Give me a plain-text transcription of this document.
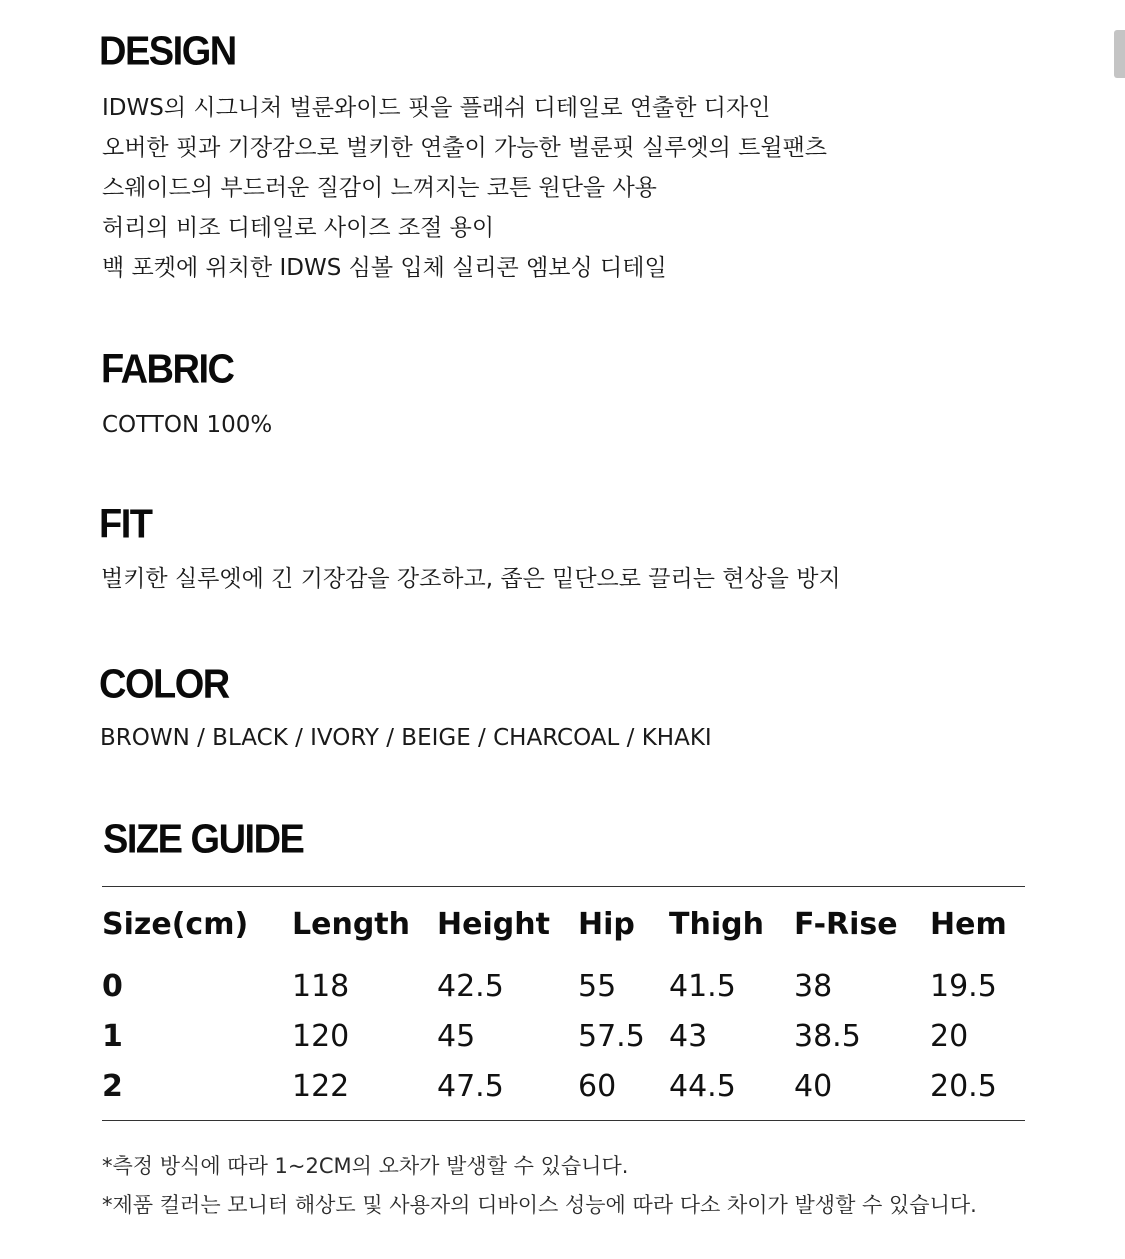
DESIGN
IDWS의 시그니처 벌룬와이드 핏을 플래쉬 디테일로 연출한 디자인
오버한 핏과 기장감으로 벌키한 연출이 가능한 벌룬핏 실루엣의 트윌팬츠
스웨이드의 부드러운 질감이 느껴지는 코튼 원단을 사용
허리의 비조 디테일로 사이즈 조절 용이
백 포켓에 위치한 IDWS 심볼 입체 실리콘 엠보싱 디테일
FABRIC

COTTON 100%

FIT

벌키한 실루엣에 긴 기장감을 강조하고, 좁은 밑단으로 끌리는 현상을 방지

COLOR

BROWN / BLACK / IVORY / BEIGE / CHARCOAL / KHAKI

SIZE GUIDE
Size(cm) Length Height Hip Thigh F-Rise Hem
0	118	42.5 55 41.5 38	19.5
1	120	45	57.5 43	38.5 20
2	122	47.5 60 44.5 40	20.5

*측정 방식에 따라 1~2CM의 오차가 발생할 수 있습니다.

*제품 컬러는 모니터 해상도 및 사용자의 디바이스 성능에 따라 다소 차이가 발생할 수 있습니다.
